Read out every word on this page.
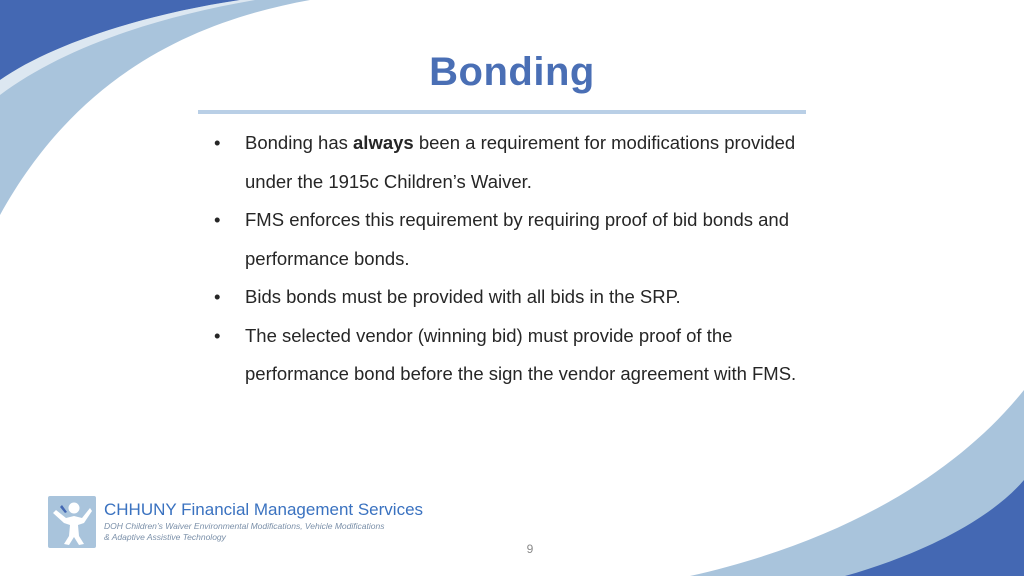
Bonding
• Bonding has always been a requirement for modifications provided under the 1915c Children’s Waiver.
• FMS enforces this requirement by requiring proof of bid bonds and performance bonds.
• Bids bonds must be provided with all bids in the SRP.
• The selected vendor (winning bid) must provide proof of the performance bond before the sign the vendor agreement with FMS.
CHHUNY Financial Management Services
DOH Children’s Waiver Environmental Modifications, Vehicle Modifications
& Adaptive Assistive Technology
9
